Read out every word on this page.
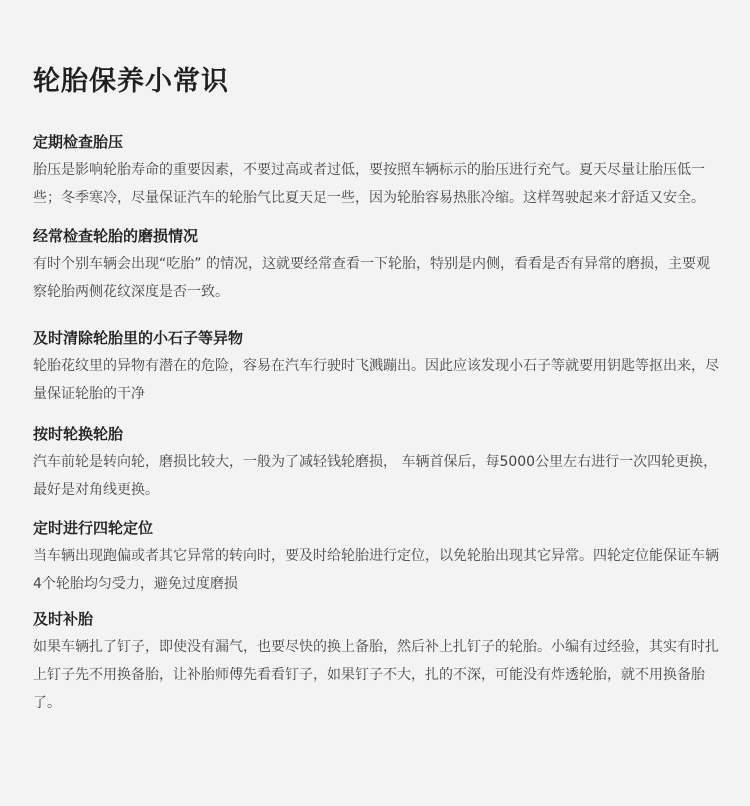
轮胎保养小常识
定期检查胎压

胎压是影响轮胎寿命的重要因素，不要过高或者过低，要按照车辆标示的胎压进行充气。夏天尽量让胎压低一些；冬季寒冷，尽量保证汽车的轮胎气比夏天足一些，因为轮胎容易热胀冷缩。这样驾驶起来才舒适又安全。

经常检查轮胎的磨损情况

有时个别车辆会出现“吃胎” 的情况，这就要经常查看一下轮胎，特别是内侧，看看是否有异常的磨损，主要观察轮胎两侧花纹深度是否一致。

及时清除轮胎里的小石子等异物

轮胎花纹里的异物有潜在的危险，容易在汽车行驶时飞溅蹦出。因此应该发现小石子等就要用钥匙等抠出来，尽量保证轮胎的干净

按时轮换轮胎

汽车前轮是转向轮，磨损比较大，一般为了减轻钱轮磨损， 车辆首保后，每5000公里左右进行一次四轮更换，最好是对角线更换。

定时进行四轮定位

当车辆出现跑偏或者其它异常的转向时，要及时给轮胎进行定位，以免轮胎出现其它异常。四轮定位能保证车辆4个轮胎均匀受力，避免过度磨损

及时补胎

如果车辆扎了钉子，即使没有漏气，也要尽快的换上备胎，然后补上扎钉子的轮胎。小编有过经验，其实有时扎上钉子先不用换备胎，让补胎师傅先看看钉子，如果钉子不大，扎的不深，可能没有炸透轮胎，就不用换备胎了。
